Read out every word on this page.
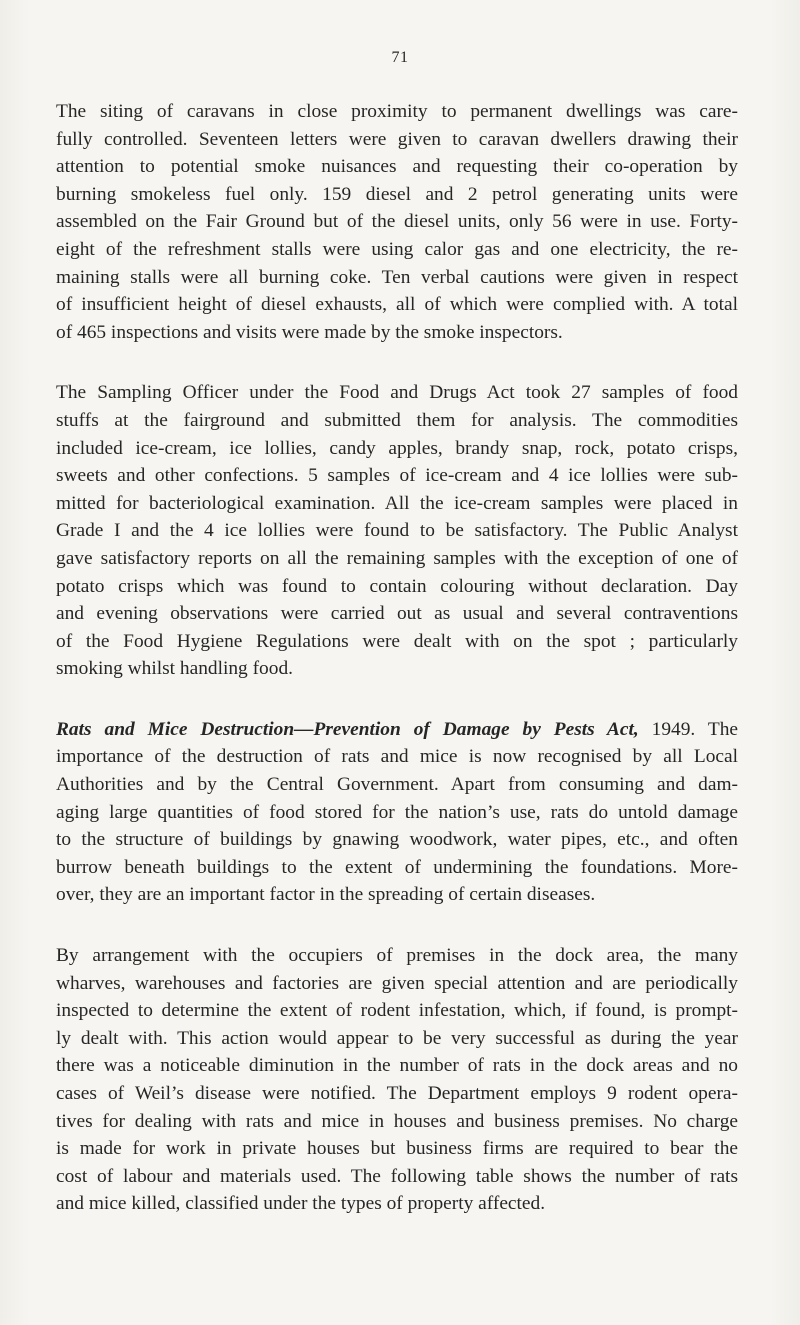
71

The siting of caravans in close proximity to permanent dwellings was care-
fully controlled. Seventeen letters were given to caravan dwellers drawing their
attention to potential smoke nuisances and requesting their co-operation by
burning smokeless fuel only. 159 diesel and 2 petrol generating units were
assembled on the Fair Ground but of the diesel units, only 56 were in use. Forty-
eight of the refreshment stalls were using calor gas and one electricity, the re-
maining stalls were all burning coke. Ten verbal cautions were given in respect
of insufficient height of diesel exhausts, all of which were complied with. A total
of 465 inspections and visits were made by the smoke inspectors.

The Sampling Officer under the Food and Drugs Act took 27 samples of food
stuffs at the fairground and submitted them for analysis. The commodities
included ice-cream, ice lollies, candy apples, brandy snap, rock, potato crisps,
sweets and other confections. 5 samples of ice-cream and 4 ice lollies were sub-
mitted for bacteriological examination. All the ice-cream samples were placed in
Grade I and the 4 ice lollies were found to be satisfactory. The Public Analyst
gave satisfactory reports on all the remaining samples with the exception of one of
potato crisps which was found to contain colouring without declaration. Day
and evening observations were carried out as usual and several contraventions
of the Food Hygiene Regulations were dealt with on the spot ; particularly
smoking whilst handling food.

Rats and Mice Destruction—Prevention of Damage by Pests Act, 1949. The
importance of the destruction of rats and mice is now recognised by all Local
Authorities and by the Central Government. Apart from consuming and dam-
aging large quantities of food stored for the nation’s use, rats do untold damage
to the structure of buildings by gnawing woodwork, water pipes, etc., and often
burrow beneath buildings to the extent of undermining the foundations. More-
over, they are an important factor in the spreading of certain diseases.

By arrangement with the occupiers of premises in the dock area, the many
wharves, warehouses and factories are given special attention and are periodically
inspected to determine the extent of rodent infestation, which, if found, is prompt-
ly dealt with. This action would appear to be very successful as during the year
there was a noticeable diminution in the number of rats in the dock areas and no
cases of Weil’s disease were notified. The Department employs 9 rodent opera-
tives for dealing with rats and mice in houses and business premises. No charge
is made for work in private houses but business firms are required to bear the
cost of labour and materials used. The following table shows the number of rats
and mice killed, classified under the types of property affected.
